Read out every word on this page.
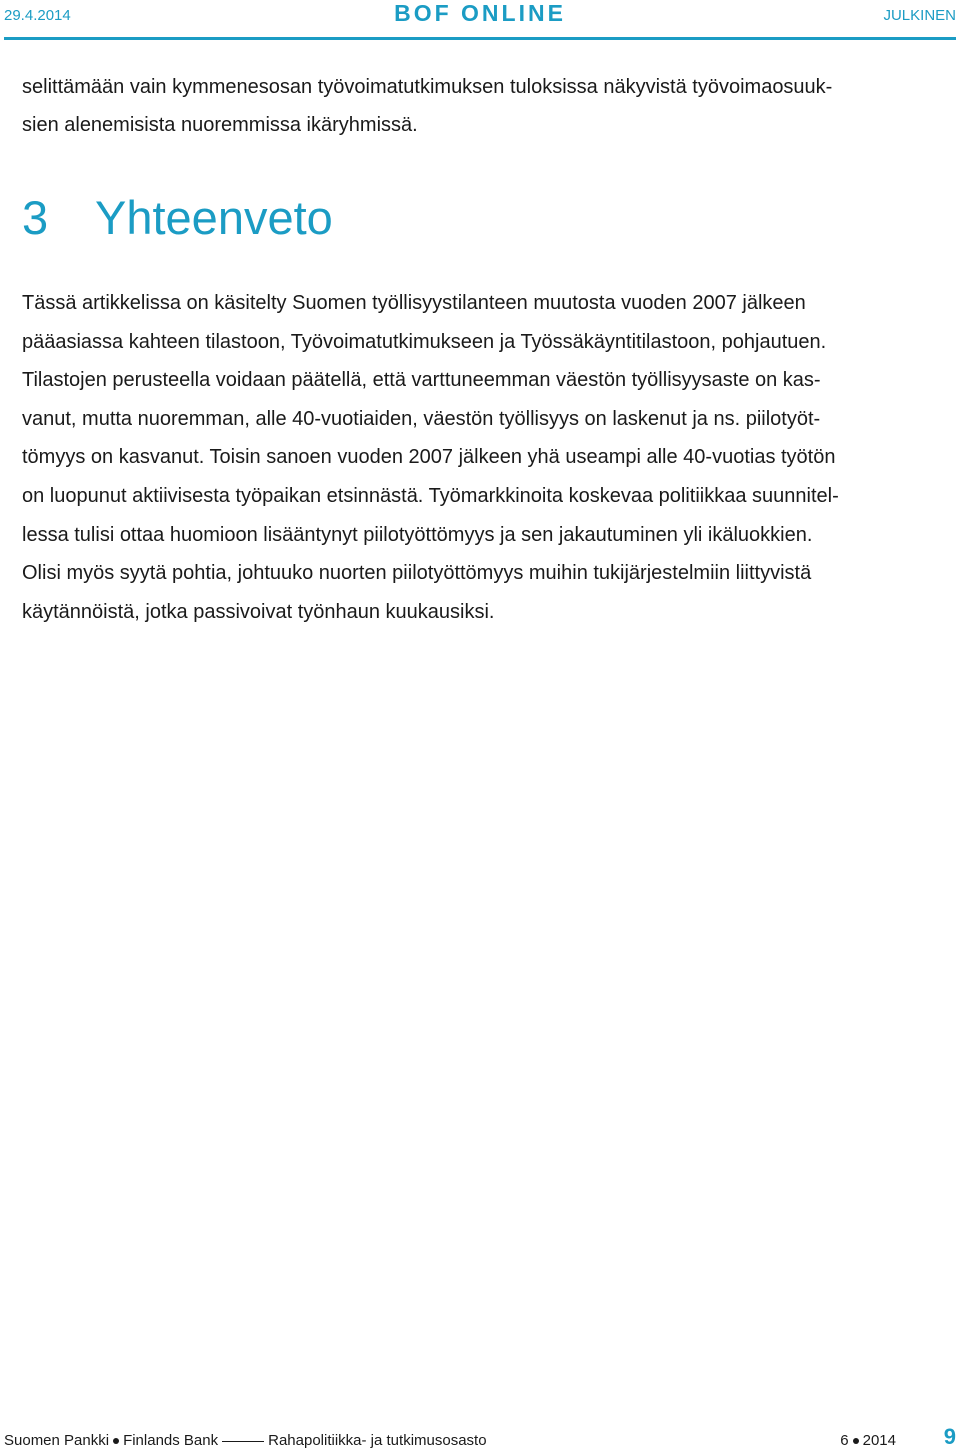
29.4.2014	BOF ONLINE	JULKINEN

selittämään vain kymmenesosan työvoimatutkimuksen tuloksissa näkyvistä työvoimaosuuk-
sien alenemisista nuoremmissa ikäryhmissä.

3 Yhteenveto

Tässä artikkelissa on käsitelty Suomen työllisyystilanteen muutosta vuoden 2007 jälkeen
pääasiassa kahteen tilastoon, Työvoimatutkimukseen ja Työssäkäyntitilastoon, pohjautuen.
Tilastojen perusteella voidaan päätellä, että varttuneemman väestön työllisyysaste on kas-
vanut, mutta nuoremman, alle 40-vuotiaiden, väestön työllisyys on laskenut ja ns. piilotyöt-
tömyys on kasvanut. Toisin sanoen vuoden 2007 jälkeen yhä useampi alle 40-vuotias työtön
on luopunut aktiivisesta työpaikan etsinnästä. Työmarkkinoita koskevaa politiikkaa suunnitel-
lessa tulisi ottaa huomioon lisääntynyt piilotyöttömyys ja sen jakautuminen yli ikäluokkien.
Olisi myös syytä pohtia, johtuuko nuorten piilotyöttömyys muihin tukijärjestelmiin liittyvistä
käytännöistä, jotka passivoivat työnhaun kuukausiksi.

Suomen Pankki Finlands Bank	Rahapolitiikka- ja tutkimusosasto	6 2014 9
